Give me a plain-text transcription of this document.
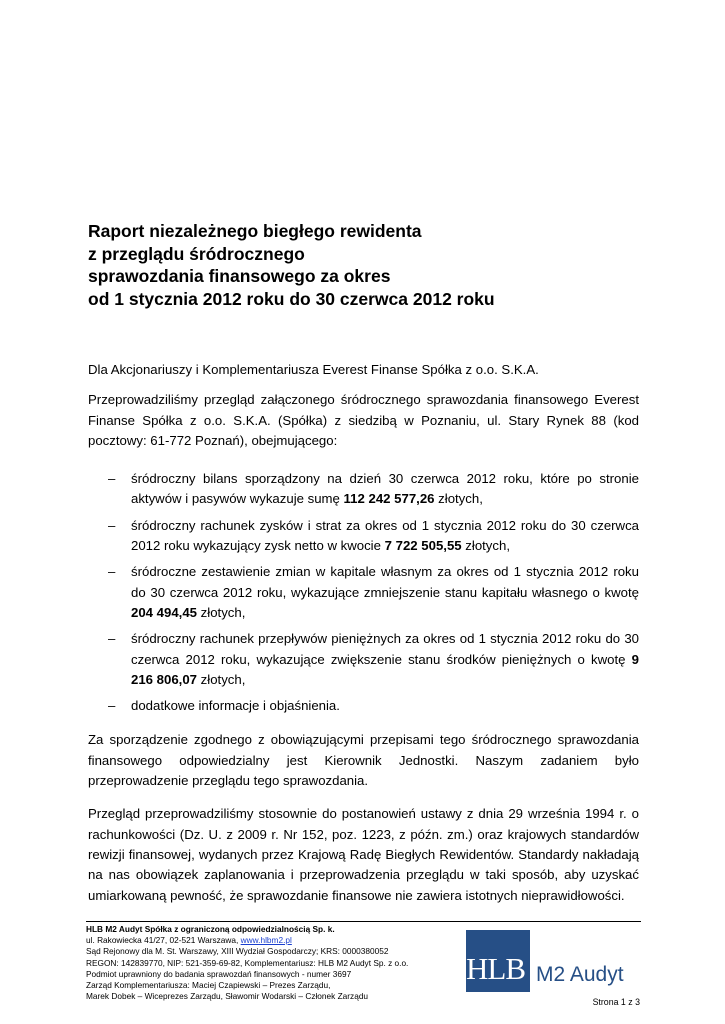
Raport niezależnego biegłego rewidenta
z przeglądu śródrocznego
sprawozdania finansowego za okres
od 1 stycznia 2012 roku do 30 czerwca 2012 roku

Dla Akcjonariuszy i Komplementariusza Everest Finanse Spółka z o.o. S.K.A.

Przeprowadziliśmy przegląd załączonego śródrocznego sprawozdania finansowego Everest Finanse Spółka z o.o. S.K.A. (Spółka) z siedzibą w Poznaniu, ul. Stary Rynek 88 (kod pocztowy: 61-772 Poznań), obejmującego:

– śródroczny bilans sporządzony na dzień 30 czerwca 2012 roku, które po stronie aktywów i pasywów wykazuje sumę 112 242 577,26 złotych,
– śródroczny rachunek zysków i strat za okres od 1 stycznia 2012 roku do 30 czerwca 2012 roku wykazujący zysk netto w kwocie 7 722 505,55 złotych,
– śródroczne zestawienie zmian w kapitale własnym za okres od 1 stycznia 2012 roku do 30 czerwca 2012 roku, wykazujące zmniejszenie stanu kapitału własnego o kwotę 204 494,45 złotych,
– śródroczny rachunek przepływów pieniężnych za okres od 1 stycznia 2012 roku do 30 czerwca 2012 roku, wykazujące zwiększenie stanu środków pieniężnych o kwotę 9 216 806,07 złotych,
– dodatkowe informacje i objaśnienia.

Za sporządzenie zgodnego z obowiązującymi przepisami tego śródrocznego sprawozdania finansowego odpowiedzialny jest Kierownik Jednostki. Naszym zadaniem było przeprowadzenie przeglądu tego sprawozdania.

Przegląd przeprowadziliśmy stosownie do postanowień ustawy z dnia 29 września 1994 r. o rachunkowości (Dz. U. z 2009 r. Nr 152, poz. 1223, z późn. zm.) oraz krajowych standardów rewizji finansowej, wydanych przez Krajową Radę Biegłych Rewidentów. Standardy nakładają na nas obowiązek zaplanowania i przeprowadzenia przeglądu w taki sposób, aby uzyskać umiarkowaną pewność, że sprawozdanie finansowe nie zawiera istotnych nieprawidłowości.

HLB M2 Audyt Spółka z ograniczoną odpowiedzialnością Sp. k.
ul. Rakowiecka 41/27, 02-521 Warszawa, www.hlbm2.pl
Sąd Rejonowy dla M. St. Warszawy, XIII Wydział Gospodarczy; KRS: 0000380052
REGON: 142839770, NIP: 521-359-69-82, Komplementariusz: HLB M2 Audyt Sp. z o.o.
Podmiot uprawniony do badania sprawozdań finansowych - numer 3697
Zarząd Komplementariusza: Maciej Czapiewski – Prezes Zarządu,
Marek Dobek – Wiceprezes Zarządu, Sławomir Wodarski – Członek Zarządu
HLB M2 Audyt
Strona 1 z 3
